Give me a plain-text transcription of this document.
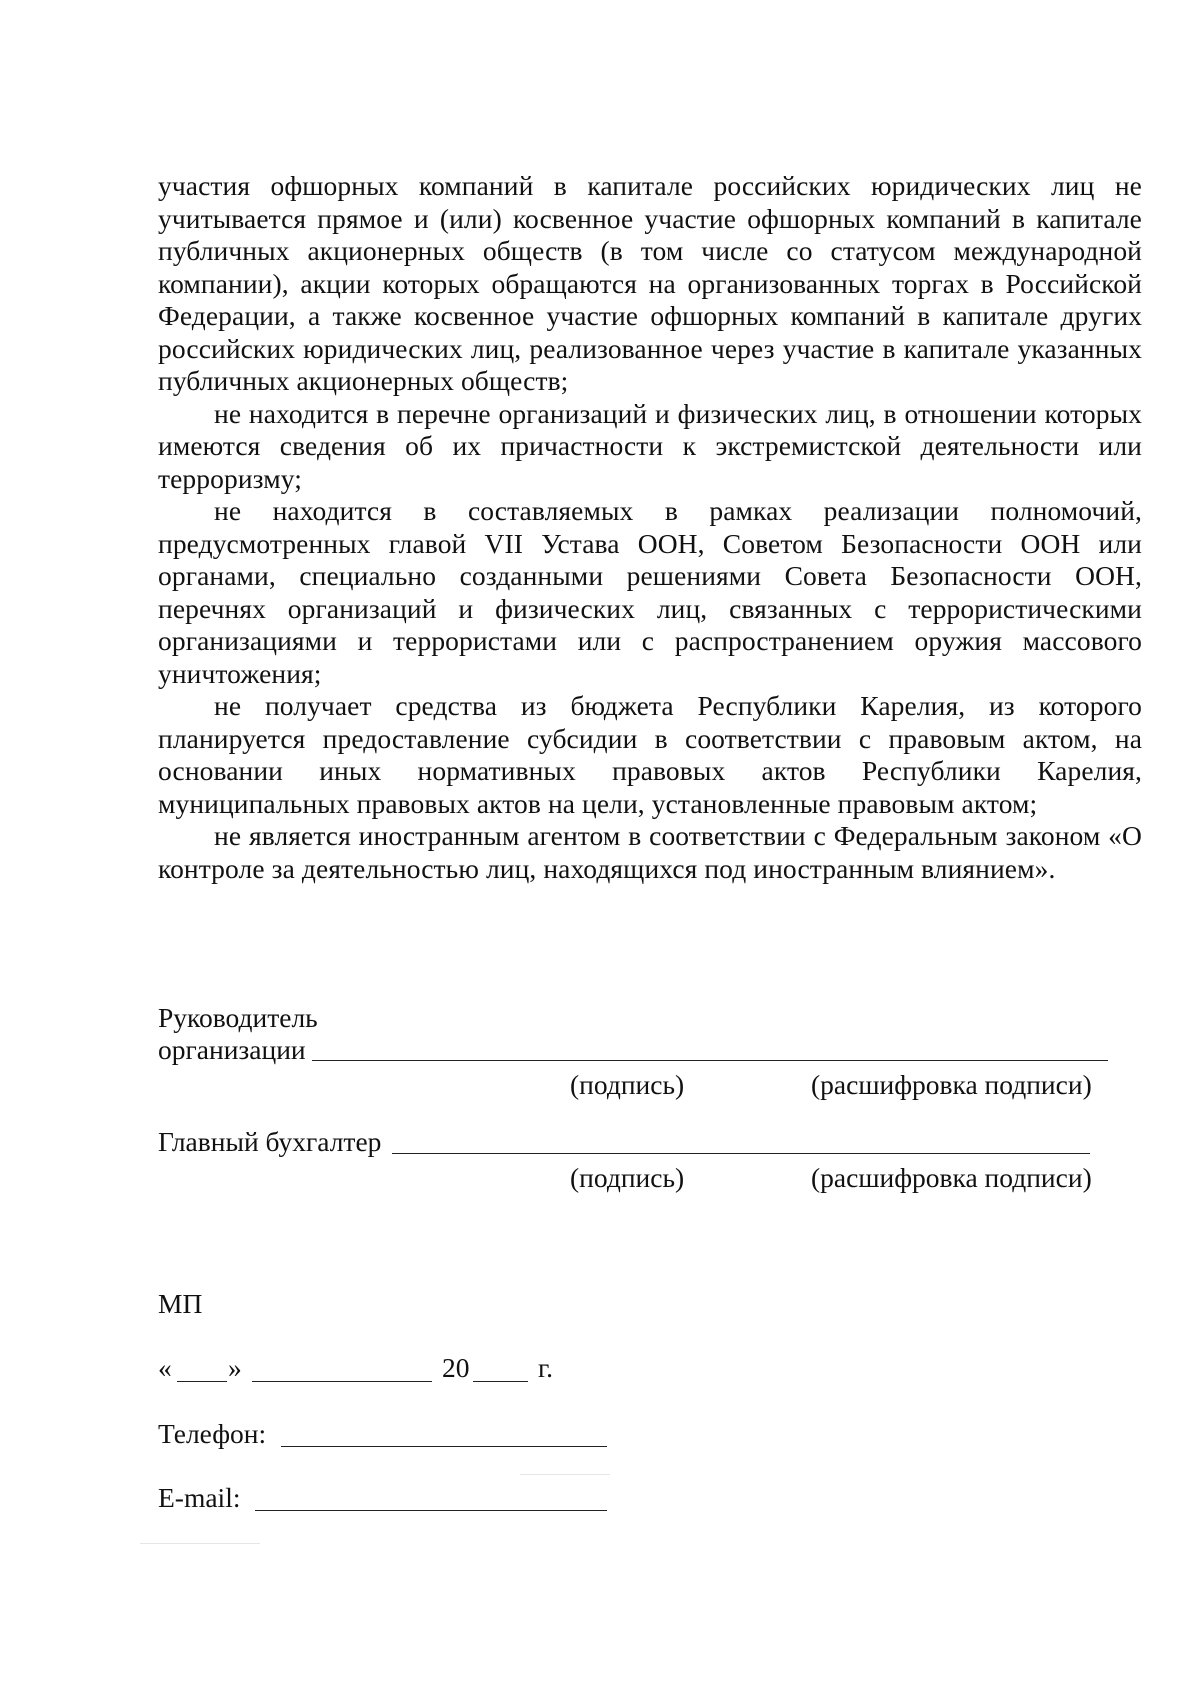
участия офшорных компаний в капитале российских юридических лиц не учитывается прямое и (или) косвенное участие офшорных компаний в капитале публичных акционерных обществ (в том числе со статусом международной компании), акции которых обращаются на организованных торгах в Российской Федерации, а также косвенное участие офшорных компаний в капитале других российских юридических лиц, реализованное через участие в капитале указанных публичных акционерных обществ;

не находится в перечне организаций и физических лиц, в отношении которых имеются сведения об их причастности к экстремистской деятельности или терроризму;

не находится в составляемых в рамках реализации полномочий, предусмотренных главой VII Устава ООН, Советом Безопасности ООН или органами, специально созданными решениями Совета Безопасности ООН, перечнях организаций и физических лиц, связанных с террористическими организациями и террористами или с распространением оружия массового уничтожения;

не получает средства из бюджета Республики Карелия, из которого планируется предоставление субсидии в соответствии с правовым актом, на основании иных нормативных правовых актов Республики Карелия, муниципальных правовых актов на цели, установленные правовым актом;

не является иностранным агентом в соответствии с Федеральным законом «О контроле за деятельностью лиц, находящихся под иностранным влиянием».

Руководитель
организации
(подпись)	(расшифровка подписи)
Главный бухгалтер
(подпись)	(расшифровка подписи)
МП
« »	20 г.
Телефон:
E-mail:
